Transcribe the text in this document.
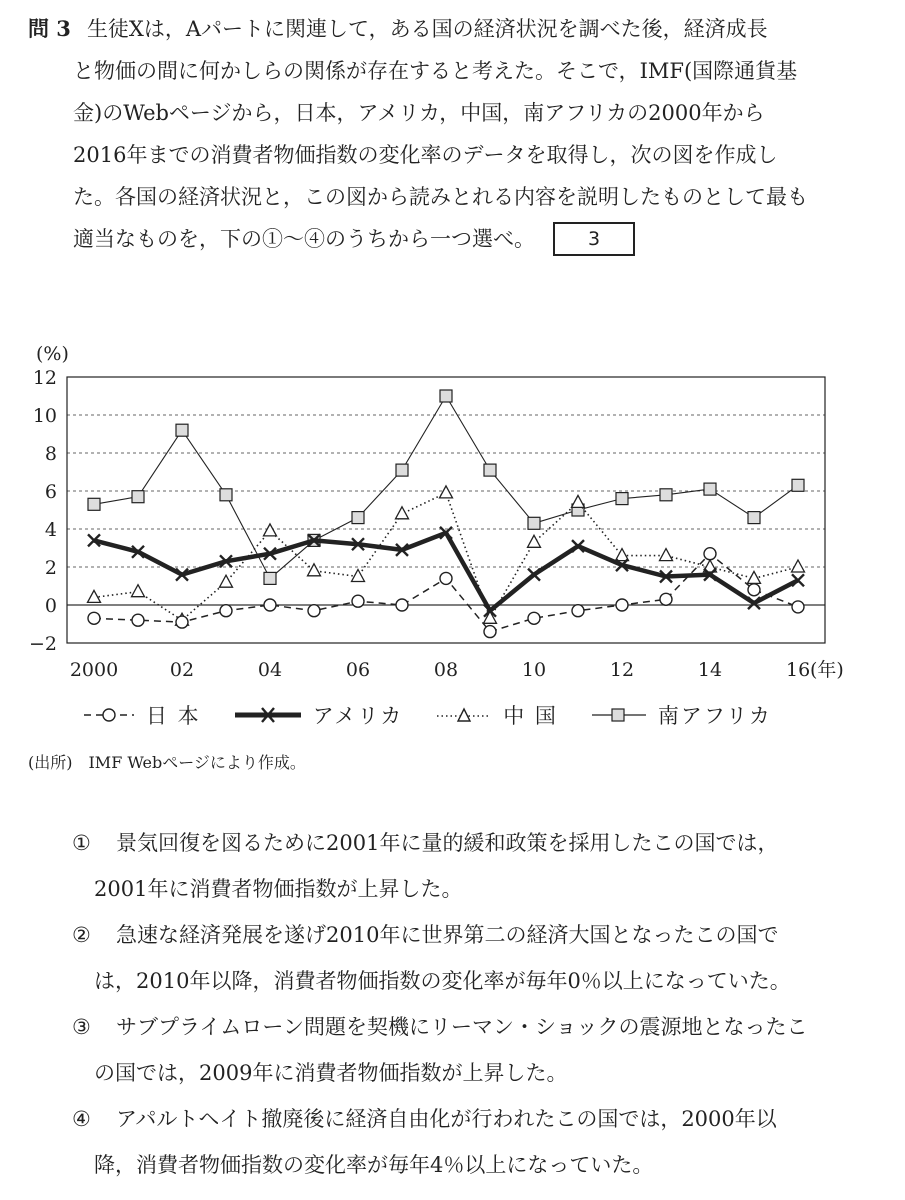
問 3 生徒Xは，Aパートに関連して，ある国の経済状況を調べた後，経済成長
と物価の間に何かしらの関係が存在すると考えた。そこで，IMF(国際通貨基
金)のWebページから，日本，アメリカ，中国，南アフリカの2000年から
2016年までの消費者物価指数の変化率のデータを取得し，次の図を作成し
た。各国の経済状況と，この図から読みとれる内容を説明したものとして最も
適当なものを，下の①～④のうちから一つ選べ。	3
12
10
8
6
4
2
0
−2
(%)
2000	02	04	06	08	10	12	14	16 (年)
日 本	アメリカ	中 国	南アフリカ
(出所)　IMF Webページにより作成。
① 景気回復を図るために2001年に量的緩和政策を採用したこの国では，
2001年に消費者物価指数が上昇した。
② 急速な経済発展を遂げ2010年に世界第二の経済大国となったこの国で
は，2010年以降，消費者物価指数の変化率が毎年0％以上になっていた。
③ サブプライムローン問題を契機にリーマン・ショックの震源地となったこ
の国では，2009年に消費者物価指数が上昇した。
④ アパルトヘイト撤廃後に経済自由化が行われたこの国では，2000年以
降，消費者物価指数の変化率が毎年4％以上になっていた。
